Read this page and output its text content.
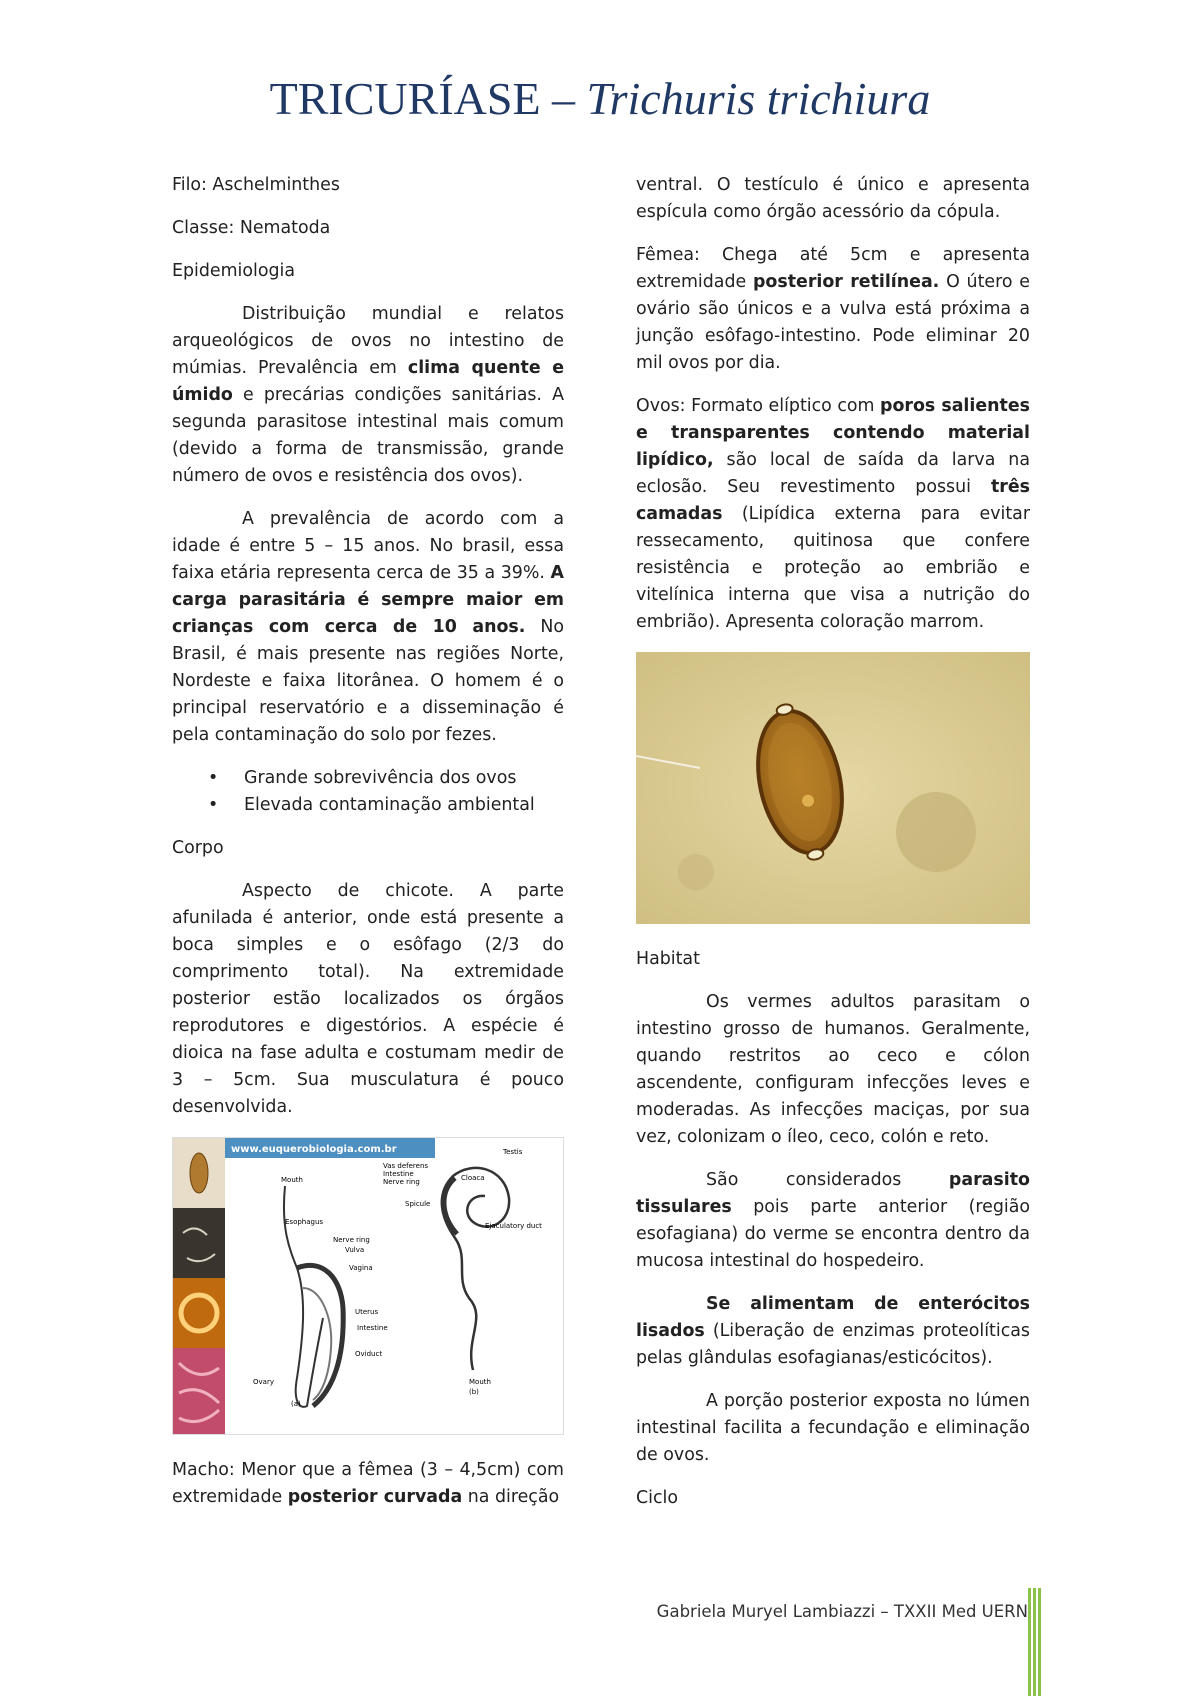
TRICURÍASE – Trichuris trichiura

Filo: Aschelminthes

Classe: Nematoda

Epidemiologia

Distribuição mundial e relatos arqueológicos de ovos no intestino de múmias. Prevalência em clima quente e úmido e precárias condições sanitárias. A segunda parasitose intestinal mais comum (devido a forma de transmissão, grande número de ovos e resistência dos ovos).

A prevalência de acordo com a idade é entre 5 – 15 anos. No brasil, essa faixa etária representa cerca de 35 a 39%. A carga parasitária é sempre maior em crianças com cerca de 10 anos. No Brasil, é mais presente nas regiões Norte, Nordeste e faixa litorânea. O homem é o principal reservatório e a disseminação é pela contaminação do solo por fezes.

• Grande sobrevivência dos ovos
• Elevada contaminação ambiental

Corpo

Aspecto de chicote. A parte afunilada é anterior, onde está presente a boca simples e o esôfago (2/3 do comprimento total). Na extremidade posterior estão localizados os órgãos reprodutores e digestórios. A espécie é dioica na fase adulta e costumam medir de 3 – 5cm. Sua musculatura é pouco desenvolvida.

www.euquerobiologia.com.br
Mouth
Esophagus
Nerve ring
Vulva
Vagina
Uterus
Intestine
Oviduct
Ovary
(a)
Vas deferens
Intestine
Nerve ring
Testis
Cloaca
Spicule
Ejaculatory duct
Mouth
(b)

Macho: Menor que a fêmea (3 – 4,5cm) com extremidade posterior curvada na direção

ventral. O testículo é único e apresenta espícula como órgão acessório da cópula.

Fêmea: Chega até 5cm e apresenta extremidade posterior retilínea. O útero e ovário são únicos e a vulva está próxima a junção esôfago-intestino. Pode eliminar 20 mil ovos por dia.

Ovos: Formato elíptico com poros salientes e transparentes contendo material lipídico, são local de saída da larva na eclosão. Seu revestimento possui três camadas (Lipídica externa para evitar ressecamento, quitinosa que confere resistência e proteção ao embrião e vitelínica interna que visa a nutrição do embrião). Apresenta coloração marrom.

Habitat

Os vermes adultos parasitam o intestino grosso de humanos. Geralmente, quando restritos ao ceco e cólon ascendente, configuram infecções leves e moderadas. As infecções maciças, por sua vez, colonizam o íleo, ceco, colón e reto.

São considerados parasito tissulares pois parte anterior (região esofagiana) do verme se encontra dentro da mucosa intestinal do hospedeiro.

Se alimentam de enterócitos lisados (Liberação de enzimas proteolíticas pelas glândulas esofagianas/esticócitos).

A porção posterior exposta no lúmen intestinal facilita a fecundação e eliminação de ovos.

Ciclo

Gabriela Muryel Lambiazzi – TXXII Med UERN
